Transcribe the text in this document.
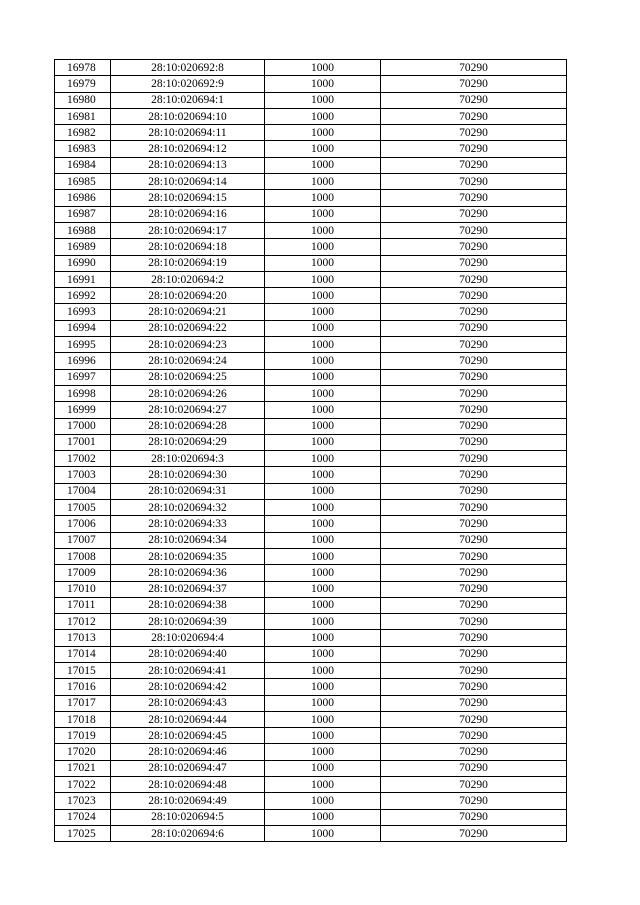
16978	28:10:020692:8	1000	70290
16979	28:10:020692:9	1000	70290
16980	28:10:020694:1	1000	70290
16981	28:10:020694:10	1000	70290
16982	28:10:020694:11	1000	70290
16983	28:10:020694:12	1000	70290
16984	28:10:020694:13	1000	70290
16985	28:10:020694:14	1000	70290
16986	28:10:020694:15	1000	70290
16987	28:10:020694:16	1000	70290
16988	28:10:020694:17	1000	70290
16989	28:10:020694:18	1000	70290
16990	28:10:020694:19	1000	70290
16991	28:10:020694:2	1000	70290
16992	28:10:020694:20	1000	70290
16993	28:10:020694:21	1000	70290
16994	28:10:020694:22	1000	70290
16995	28:10:020694:23	1000	70290
16996	28:10:020694:24	1000	70290
16997	28:10:020694:25	1000	70290
16998	28:10:020694:26	1000	70290
16999	28:10:020694:27	1000	70290
17000	28:10:020694:28	1000	70290
17001	28:10:020694:29	1000	70290
17002	28:10:020694:3	1000	70290
17003	28:10:020694:30	1000	70290
17004	28:10:020694:31	1000	70290
17005	28:10:020694:32	1000	70290
17006	28:10:020694:33	1000	70290
17007	28:10:020694:34	1000	70290
17008	28:10:020694:35	1000	70290
17009	28:10:020694:36	1000	70290
17010	28:10:020694:37	1000	70290
17011	28:10:020694:38	1000	70290
17012	28:10:020694:39	1000	70290
17013	28:10:020694:4	1000	70290
17014	28:10:020694:40	1000	70290
17015	28:10:020694:41	1000	70290
17016	28:10:020694:42	1000	70290
17017	28:10:020694:43	1000	70290
17018	28:10:020694:44	1000	70290
17019	28:10:020694:45	1000	70290
17020	28:10:020694:46	1000	70290
17021	28:10:020694:47	1000	70290
17022	28:10:020694:48	1000	70290
17023	28:10:020694:49	1000	70290
17024	28:10:020694:5	1000	70290
17025	28:10:020694:6	1000	70290
